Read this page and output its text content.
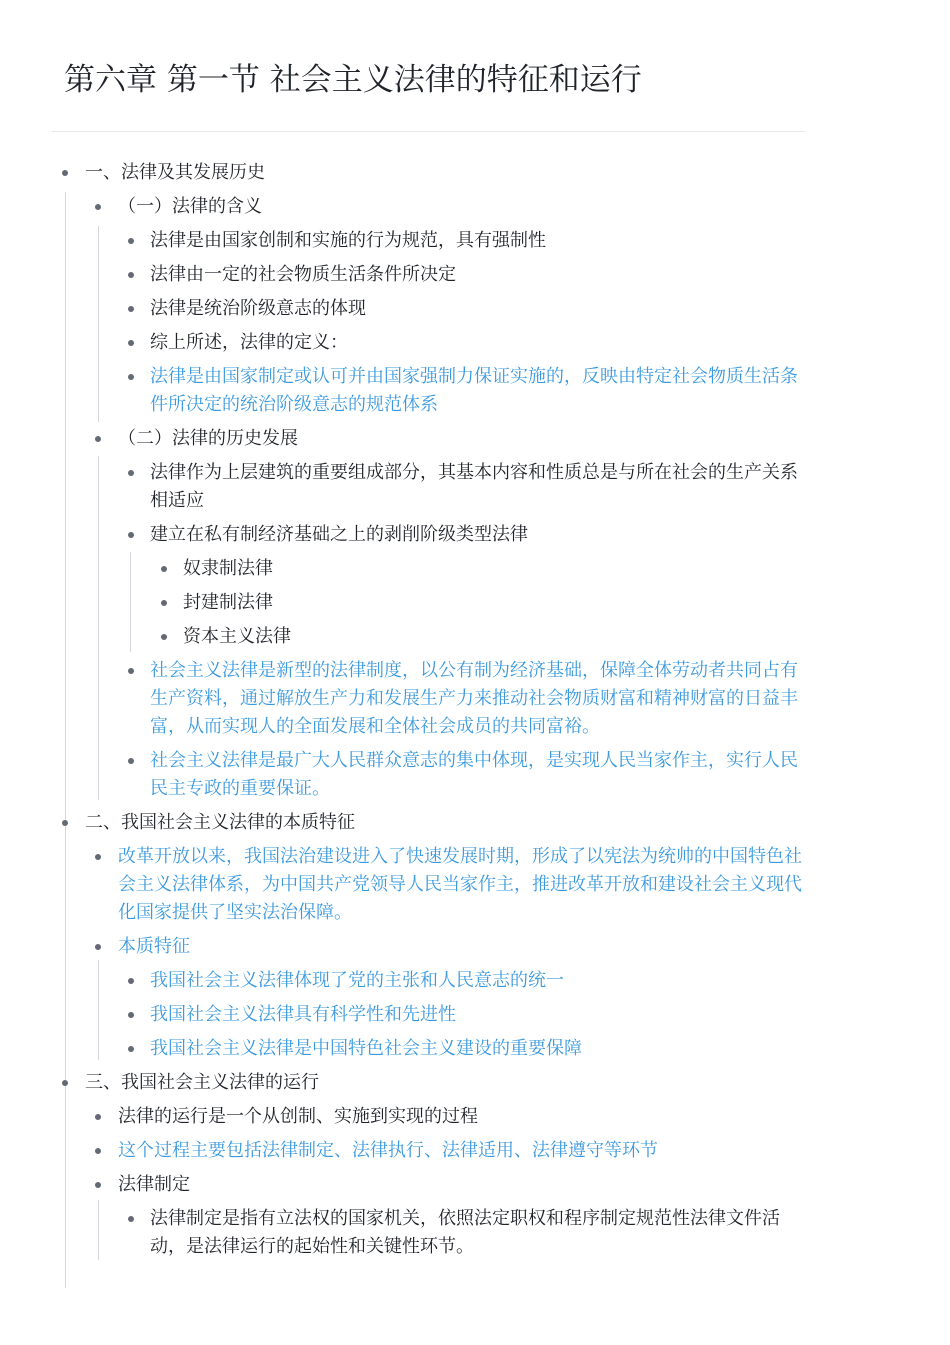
第六章 第一节 社会主义法律的特征和运行
一、法律及其发展历史
（一）法律的含义
法律是由国家创制和实施的行为规范，具有强制性
法律由一定的社会物质生活条件所决定
法律是统治阶级意志的体现
综上所述，法律的定义：
法律是由国家制定或认可并由国家强制力保证实施的，反映由特定社会物质生活条件所决定的统治阶级意志的规范体系
（二）法律的历史发展
法律作为上层建筑的重要组成部分，其基本内容和性质总是与所在社会的生产关系相适应
建立在私有制经济基础之上的剥削阶级类型法律
奴隶制法律
封建制法律
资本主义法律
社会主义法律是新型的法律制度，以公有制为经济基础，保障全体劳动者共同占有生产资料，通过解放生产力和发展生产力来推动社会物质财富和精神财富的日益丰富，从而实现人的全面发展和全体社会成员的共同富裕。
社会主义法律是最广大人民群众意志的集中体现，是实现人民当家作主，实行人民民主专政的重要保证。
二、我国社会主义法律的本质特征
改革开放以来，我国法治建设进入了快速发展时期，形成了以宪法为统帅的中国特色社会主义法律体系，为中国共产党领导人民当家作主，推进改革开放和建设社会主义现代化国家提供了坚实法治保障。
本质特征
我国社会主义法律体现了党的主张和人民意志的统一
我国社会主义法律具有科学性和先进性
我国社会主义法律是中国特色社会主义建设的重要保障
三、我国社会主义法律的运行
法律的运行是一个从创制、实施到实现的过程
这个过程主要包括法律制定、法律执行、法律适用、法律遵守等环节
法律制定
法律制定是指有立法权的国家机关，依照法定职权和程序制定规范性法律文件活动，是法律运行的起始性和关键性环节。
